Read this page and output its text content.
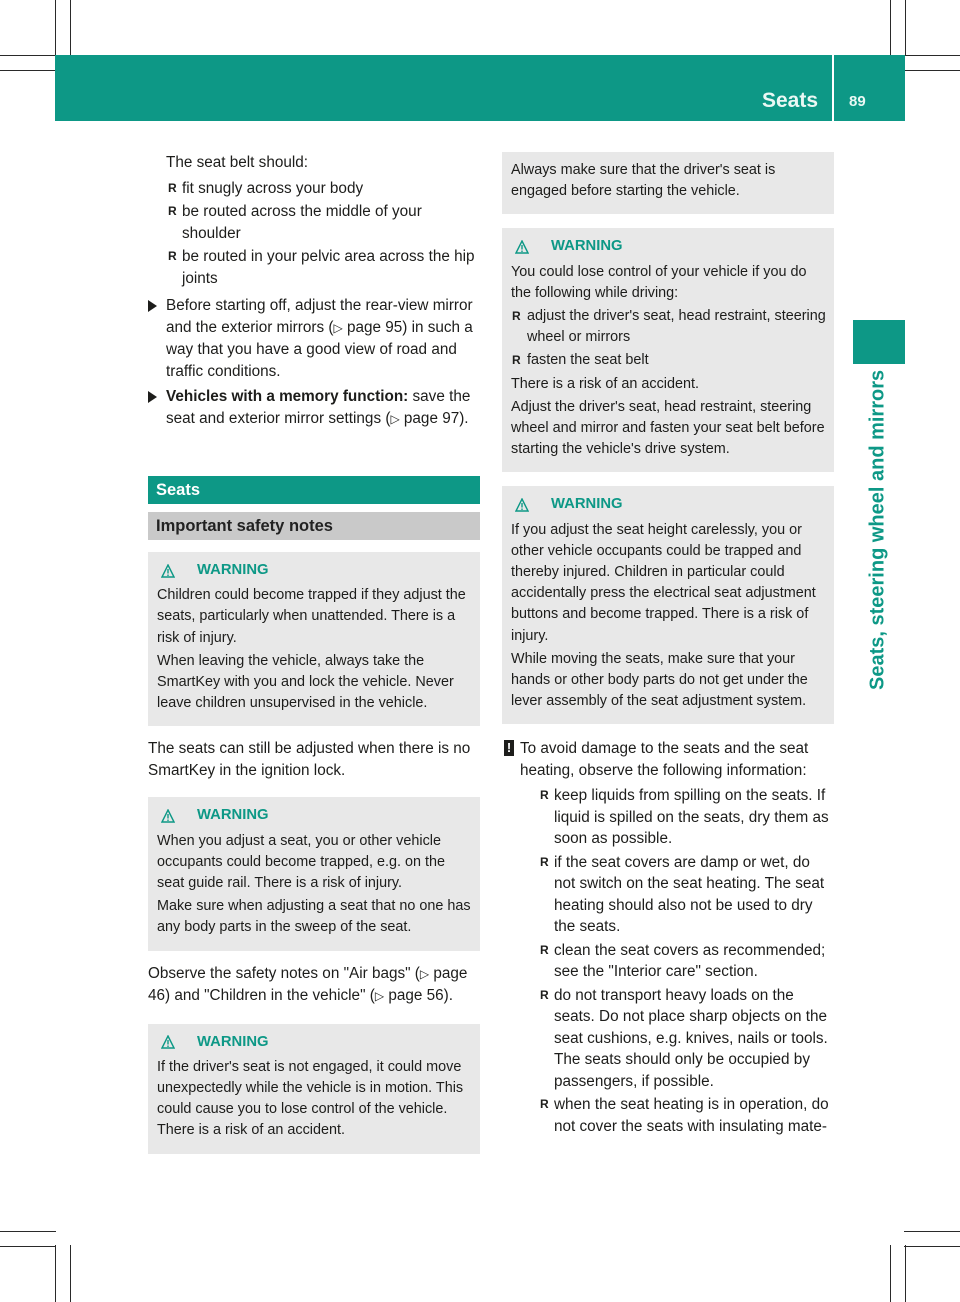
Seats 89
Seats, steering wheel and mirrors

The seat belt should:

R fit snugly across your body
R be routed across the middle of your shoulder
R be routed in your pelvic area across the hip joints
Before starting off, adjust the rear-view mirror and the exterior mirrors (▷ page 95) in such a way that you have a good view of road and traffic conditions.
Vehicles with a memory function: save the seat and exterior mirror settings (▷ page 97).
Seats
Important safety notes
WARNING

Children could become trapped if they adjust the seats, particularly when unattended. There is a risk of injury.

When leaving the vehicle, always take the SmartKey with you and lock the vehicle. Never leave children unsupervised in the vehicle.

The seats can still be adjusted when there is no SmartKey in the ignition lock.

WARNING

When you adjust a seat, you or other vehicle occupants could become trapped, e.g. on the seat guide rail. There is a risk of injury.

Make sure when adjusting a seat that no one has any body parts in the sweep of the seat.

Observe the safety notes on "Air bags" (▷ page 46) and "Children in the vehicle" (▷ page 56).

WARNING

If the driver's seat is not engaged, it could move unexpectedly while the vehicle is in motion. This could cause you to lose control of the vehicle. There is a risk of an accident.

Always make sure that the driver's seat is engaged before starting the vehicle.

WARNING

You could lose control of your vehicle if you do the following while driving:

R adjust the driver's seat, head restraint, steering wheel or mirrors
R fasten the seat belt

There is a risk of an accident.

Adjust the driver's seat, head restraint, steering wheel and mirror and fasten your seat belt before starting the vehicle's drive system.

WARNING

If you adjust the seat height carelessly, you or other vehicle occupants could be trapped and thereby injured. Children in particular could accidentally press the electrical seat adjustment buttons and become trapped. There is a risk of injury.

While moving the seats, make sure that your hands or other body parts do not get under the lever assembly of the seat adjustment system.

! To avoid damage to the seats and the seat heating, observe the following information:

R keep liquids from spilling on the seats. If liquid is spilled on the seats, dry them as soon as possible.
R if the seat covers are damp or wet, do not switch on the seat heating. The seat heating should also not be used to dry the seats.
R clean the seat covers as recommended; see the "Interior care" section.
R do not transport heavy loads on the seats. Do not place sharp objects on the seat cushions, e.g. knives, nails or tools. The seats should only be occupied by passengers, if possible.
R when the seat heating is in operation, do not cover the seats with insulating mate-
